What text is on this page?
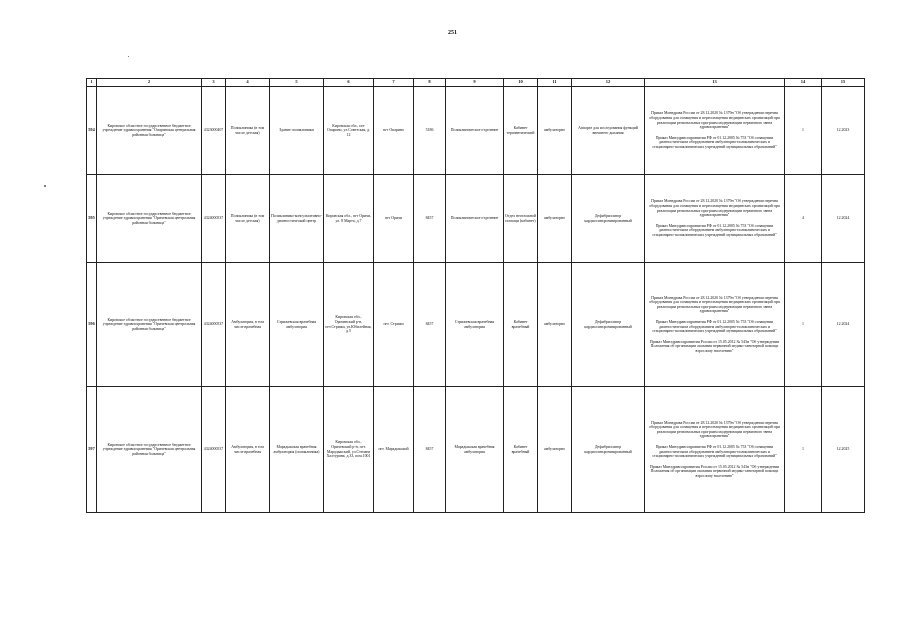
251
1	2	3	4	5	6	7	8	9	10	11	12	13	14	15
594	Кировское областное государственное бюджетное учреждение здравоохранения "Опаринская центральная районная больница"	4323000407	Поликлиника (в том числе детская)	Здание поликлиники	Кировская обл., пгт Опарино, ул.Советская, д. 12	пгт Опарино	5186	Поликлиническое отделение	Кабинет терапевтический	амбулаторно	Аппарат для исследования функций внешнего дыхания	Приказ Минздрава России от 28.12.2020 № 1379н "Об утверждении перечня оборудования для оснащения и переоснащения медицинских организаций при реализации региональных программ модернизации первичного звена здравоохранения"

Приказ Минздравсоцразвития РФ от 01.12.2005 № 753 "Об оснащении диагностическим оборудованием амбулаторно-поликлинических и стационарно-поликлинических учреждений муниципальных образований"	1	12.2023
595	Кировское областное государственное бюджетное учреждение здравоохранения "Оричевская центральная районная больница"	4324000537	Поликлиника (в том числе детская)	Поликлинико-консультативно-диагностический центр	Кировская обл., пгт Оричи, ул. 8 Марта, д.7	пгт Оричи	8457	Поликлиническое отделение	Отдел неотложной помощи (кабинет)	амбулаторно	Дефибриллятор кардиосинхронизированный	Приказ Минздрава России от 28.12.2020 № 1379н "Об утверждении перечня оборудования для оснащения и переоснащения медицинских организаций при реализации региональных программ модернизации первичного звена здравоохранения"

Приказ Минздравсоцразвития РФ от 01.12.2005 № 753 "Об оснащении диагностическим оборудованием амбулаторно-поликлинических и стационарно-поликлинических учреждений муниципальных образований"	4	12.2024
596	Кировское областное государственное бюджетное учреждение здравоохранения "Оричевская центральная районная больница"	4324000537	Амбулатория, в том числе врачебная	Стрижевская врачебная амбулатория	Кировская обл., Оричевский р-н, пгт.Стрижи, ул.Юбилейная, д.5	пгт. Стрижи	8457	Стрижевская врачебная амбулатория	Кабинет врачебный	амбулаторно	Дефибриллятор кардиосинхронизированный	Приказ Минздрава России от 28.12.2020 № 1379н "Об утверждении перечня оборудования для оснащения и переоснащения медицинских организаций при реализации региональных программ модернизации первичного звена здравоохранения"

Приказ Минздравсоцразвития РФ от 01.12.2005 № 753 "Об оснащении диагностическим оборудованием амбулаторно-поликлинических и стационарно-поликлинических учреждений муниципальных образований"

Приказ Минздравсоцразвития России от 15.05.2012 № 543н "Об утверждении Положения об организации оказания первичной медико-санитарной помощи взрослому населению"	1	12.2024
597	Кировское областное государственное бюджетное учреждение здравоохранения "Оричевская центральная районная больница"	4324000537	Амбулатория, в том числе врачебная	Марадыкская врачебная амбулатория (поликлиника)	Кировская обл., Оричевский р-н, пгт. Марадыкский, ул.Степана Халтурина, д.33, пом.1001	пгт. Марадыкский	8457	Марадыкская врачебная амбулатория	Кабинет врачебный	амбулаторно	Дефибриллятор кардиосинхронизированный	Приказ Минздрава России от 28.12.2020 № 1379н "Об утверждении перечня оборудования для оснащения и переоснащения медицинских организаций при реализации региональных программ модернизации первичного звена здравоохранения"

Приказ Минздравсоцразвития РФ от 01.12.2005 № 753 "Об оснащении диагностическим оборудованием амбулаторно-поликлинических и стационарно-поликлинических учреждений муниципальных образований"

Приказ Минздравсоцразвития России от 15.05.2012 № 543н "Об утверждении Положения об организации оказания первичной медико-санитарной помощи взрослому населению"	1	12.2025
